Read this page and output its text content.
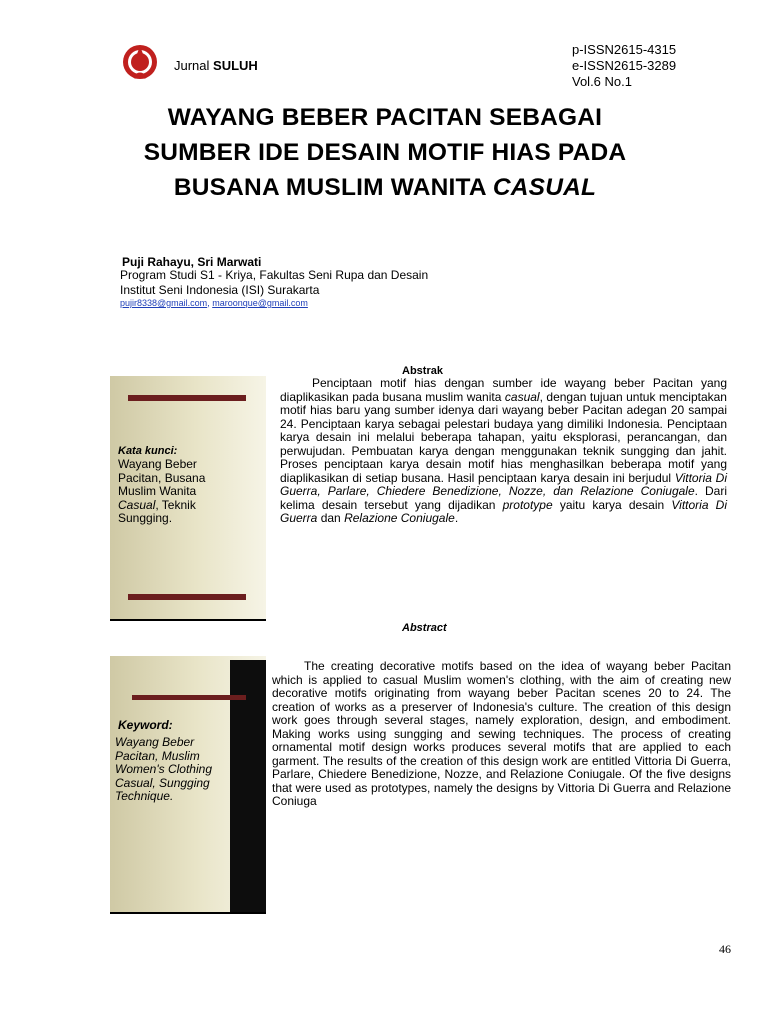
Jurnal SULUH
p-ISSN2615-4315
e-ISSN2615-3289
Vol.6 No.1
WAYANG BEBER PACITAN SEBAGAI
SUMBER IDE DESAIN MOTIF HIAS PADA
BUSANA MUSLIM WANITA CASUAL
Puji Rahayu, Sri Marwati
Program Studi S1 - Kriya, Fakultas Seni Rupa dan Desain
Institut Seni Indonesia (ISI) Surakarta
pujir8338@gmail.com, maroonque@gmail.com
Abstrak
Penciptaan motif hias dengan sumber ide wayang beber Pacitan yang diaplikasikan pada busana muslim wanita casual, dengan tujuan untuk menciptakan motif hias baru yang sumber idenya dari wayang beber Pacitan adegan 20 sampai 24. Penciptaan karya sebagai pelestari budaya yang dimiliki Indonesia. Penciptaan karya desain ini melalui beberapa tahapan, yaitu eksplorasi, perancangan, dan perwujudan. Pembuatan karya dengan menggunakan teknik sungging dan jahit. Proses penciptaan karya desain motif hias menghasilkan beberapa motif yang diaplikasikan di setiap busana. Hasil penciptaan karya desain ini berjudul Vittoria Di Guerra, Parlare, Chiedere Benedizione, Nozze, dan Relazione Coniugale. Dari kelima desain tersebut yang dijadikan prototype yaitu karya desain Vittoria Di Guerra dan Relazione Coniugale.
Kata kunci:
Wayang Beber Pacitan, Busana Muslim Wanita Casual, Teknik Sungging.
Abstract
The creating decorative motifs based on the idea of wayang beber Pacitan which is applied to casual Muslim women's clothing, with the aim of creating new decorative motifs originating from wayang beber Pacitan scenes 20 to 24. The creation of works as a preserver of Indonesia's culture. The creation of this design work goes through several stages, namely exploration, design, and embodiment. Making works using sungging and sewing techniques. The process of creating ornamental motif design works produces several motifs that are applied to each garment. The results of the creation of this design work are entitled Vittoria Di Guerra, Parlare, Chiedere Benedizione, Nozze, and Relazione Coniugale. Of the five designs that were used as prototypes, namely the designs by Vittoria Di Guerra and Relazione Coniuga
Keyword:
Wayang Beber Pacitan, Muslim Women's Clothing Casual, Sungging Technique.
46
